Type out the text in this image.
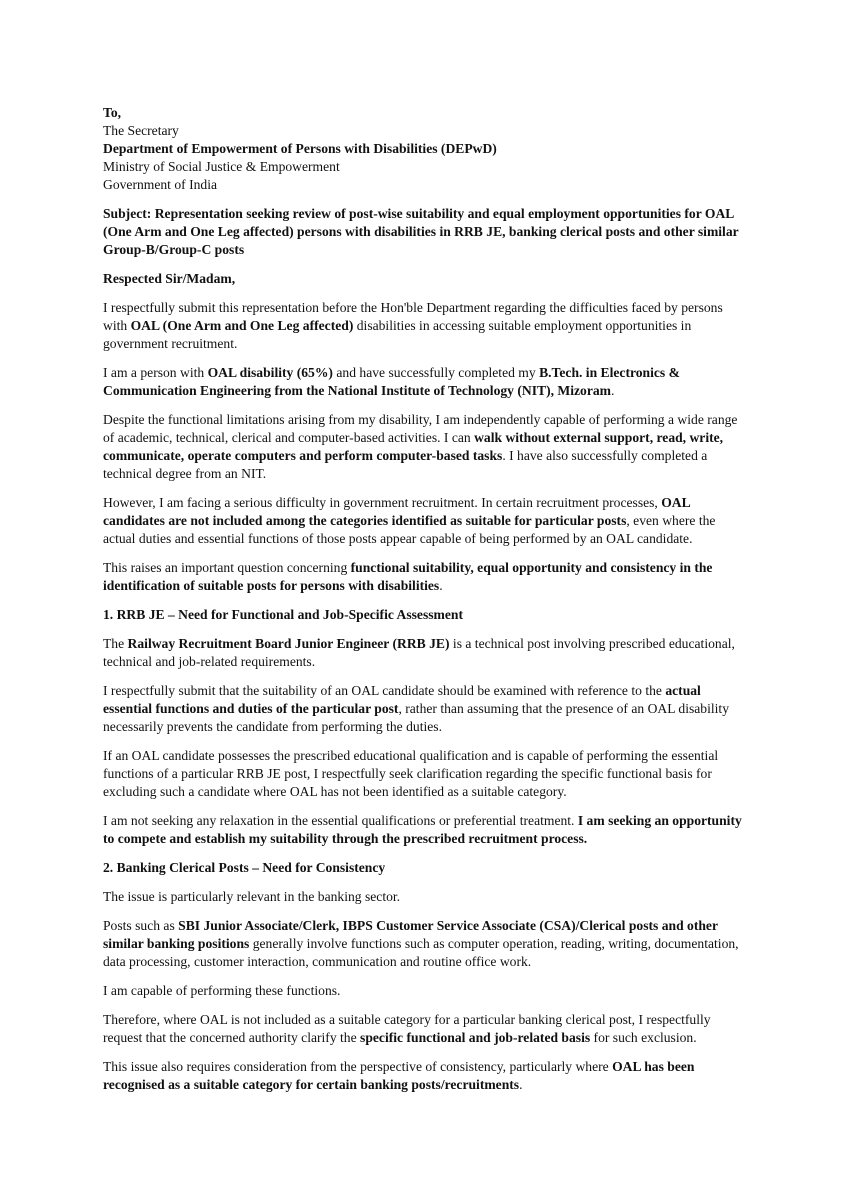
To,
The Secretary
Department of Empowerment of Persons with Disabilities (DEPwD)
Ministry of Social Justice & Empowerment
Government of India

Subject: Representation seeking review of post-wise suitability and equal employment opportunities for OAL (One Arm and One Leg affected) persons with disabilities in RRB JE, banking clerical posts and other similar Group-B/Group-C posts

Respected Sir/Madam,

I respectfully submit this representation before the Hon'ble Department regarding the difficulties faced by persons with OAL (One Arm and One Leg affected) disabilities in accessing suitable employment opportunities in government recruitment.

I am a person with OAL disability (65%) and have successfully completed my B.Tech. in Electronics & Communication Engineering from the National Institute of Technology (NIT), Mizoram.

Despite the functional limitations arising from my disability, I am independently capable of performing a wide range of academic, technical, clerical and computer-based activities. I can walk without external support, read, write, communicate, operate computers and perform computer-based tasks. I have also successfully completed a technical degree from an NIT.

However, I am facing a serious difficulty in government recruitment. In certain recruitment processes, OAL candidates are not included among the categories identified as suitable for particular posts, even where the actual duties and essential functions of those posts appear capable of being performed by an OAL candidate.

This raises an important question concerning functional suitability, equal opportunity and consistency in the identification of suitable posts for persons with disabilities.

1. RRB JE – Need for Functional and Job-Specific Assessment

The Railway Recruitment Board Junior Engineer (RRB JE) is a technical post involving prescribed educational, technical and job-related requirements.

I respectfully submit that the suitability of an OAL candidate should be examined with reference to the actual essential functions and duties of the particular post, rather than assuming that the presence of an OAL disability necessarily prevents the candidate from performing the duties.

If an OAL candidate possesses the prescribed educational qualification and is capable of performing the essential functions of a particular RRB JE post, I respectfully seek clarification regarding the specific functional basis for excluding such a candidate where OAL has not been identified as a suitable category.

I am not seeking any relaxation in the essential qualifications or preferential treatment. I am seeking an opportunity to compete and establish my suitability through the prescribed recruitment process.

2. Banking Clerical Posts – Need for Consistency

The issue is particularly relevant in the banking sector.

Posts such as SBI Junior Associate/Clerk, IBPS Customer Service Associate (CSA)/Clerical posts and other similar banking positions generally involve functions such as computer operation, reading, writing, documentation, data processing, customer interaction, communication and routine office work.

I am capable of performing these functions.

Therefore, where OAL is not included as a suitable category for a particular banking clerical post, I respectfully request that the concerned authority clarify the specific functional and job-related basis for such exclusion.

This issue also requires consideration from the perspective of consistency, particularly where OAL has been recognised as a suitable category for certain banking posts/recruitments.
